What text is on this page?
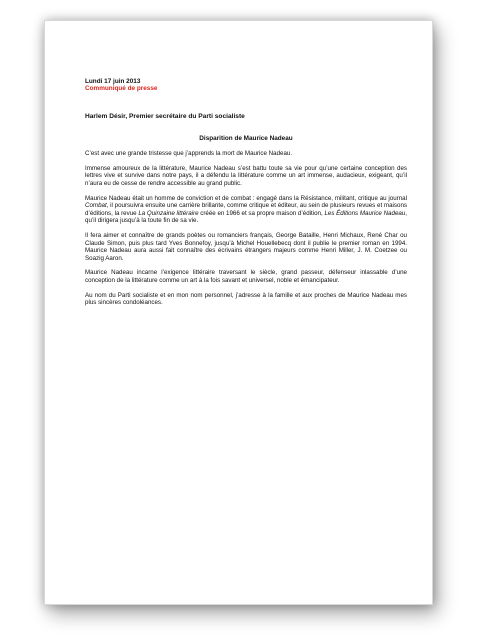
Lundi 17 juin 2013
Communiqué de presse
Harlem Désir, Premier secrétaire du Parti socialiste
Disparition de Maurice Nadeau

C’est avec une grande tristesse que j’apprends la mort de Maurice Nadeau.

Immense amoureux de la littérature, Maurice Nadeau s’est battu toute sa vie pour qu’une certaine conception des lettres vive et survive dans notre pays, il a défendu la littérature comme un art immense, audacieux, exigeant, qu’il n’aura eu de cesse de rendre accessible au grand public.

Maurice Nadeau était un homme de conviction et de combat : engagé dans la Résistance, militant, critique au journal Combat, il poursuivra ensuite une carrière brillante, comme critique et éditeur, au sein de plusieurs revues et maisons d’éditions, la revue La Quinzaine littéraire créée en 1966 et sa propre maison d’édition, Les Éditions Maurice Nadeau, qu’il dirigera jusqu’à la toute fin de sa vie.

Il fera aimer et connaître de grands poètes ou romanciers français, George Bataille, Henri Michaux, René Char ou Claude Simon, puis plus tard Yves Bonnefoy, jusqu’à Michel Houellebecq dont il publie le premier roman en 1994. Maurice Nadeau aura aussi fait connaître des écrivains étrangers majeurs comme Henri Miller, J. M. Coetzee ou Soazig Aaron.

Maurice Nadeau incarne l’exigence littéraire traversant le siècle, grand passeur, défenseur inlassable d’une conception de la littérature comme un art à la fois savant et universel, noble et émancipateur.

Au nom du Parti socialiste et en mon nom personnel, j’adresse à la famille et aux proches de Maurice Nadeau mes plus sincères condoléances.
